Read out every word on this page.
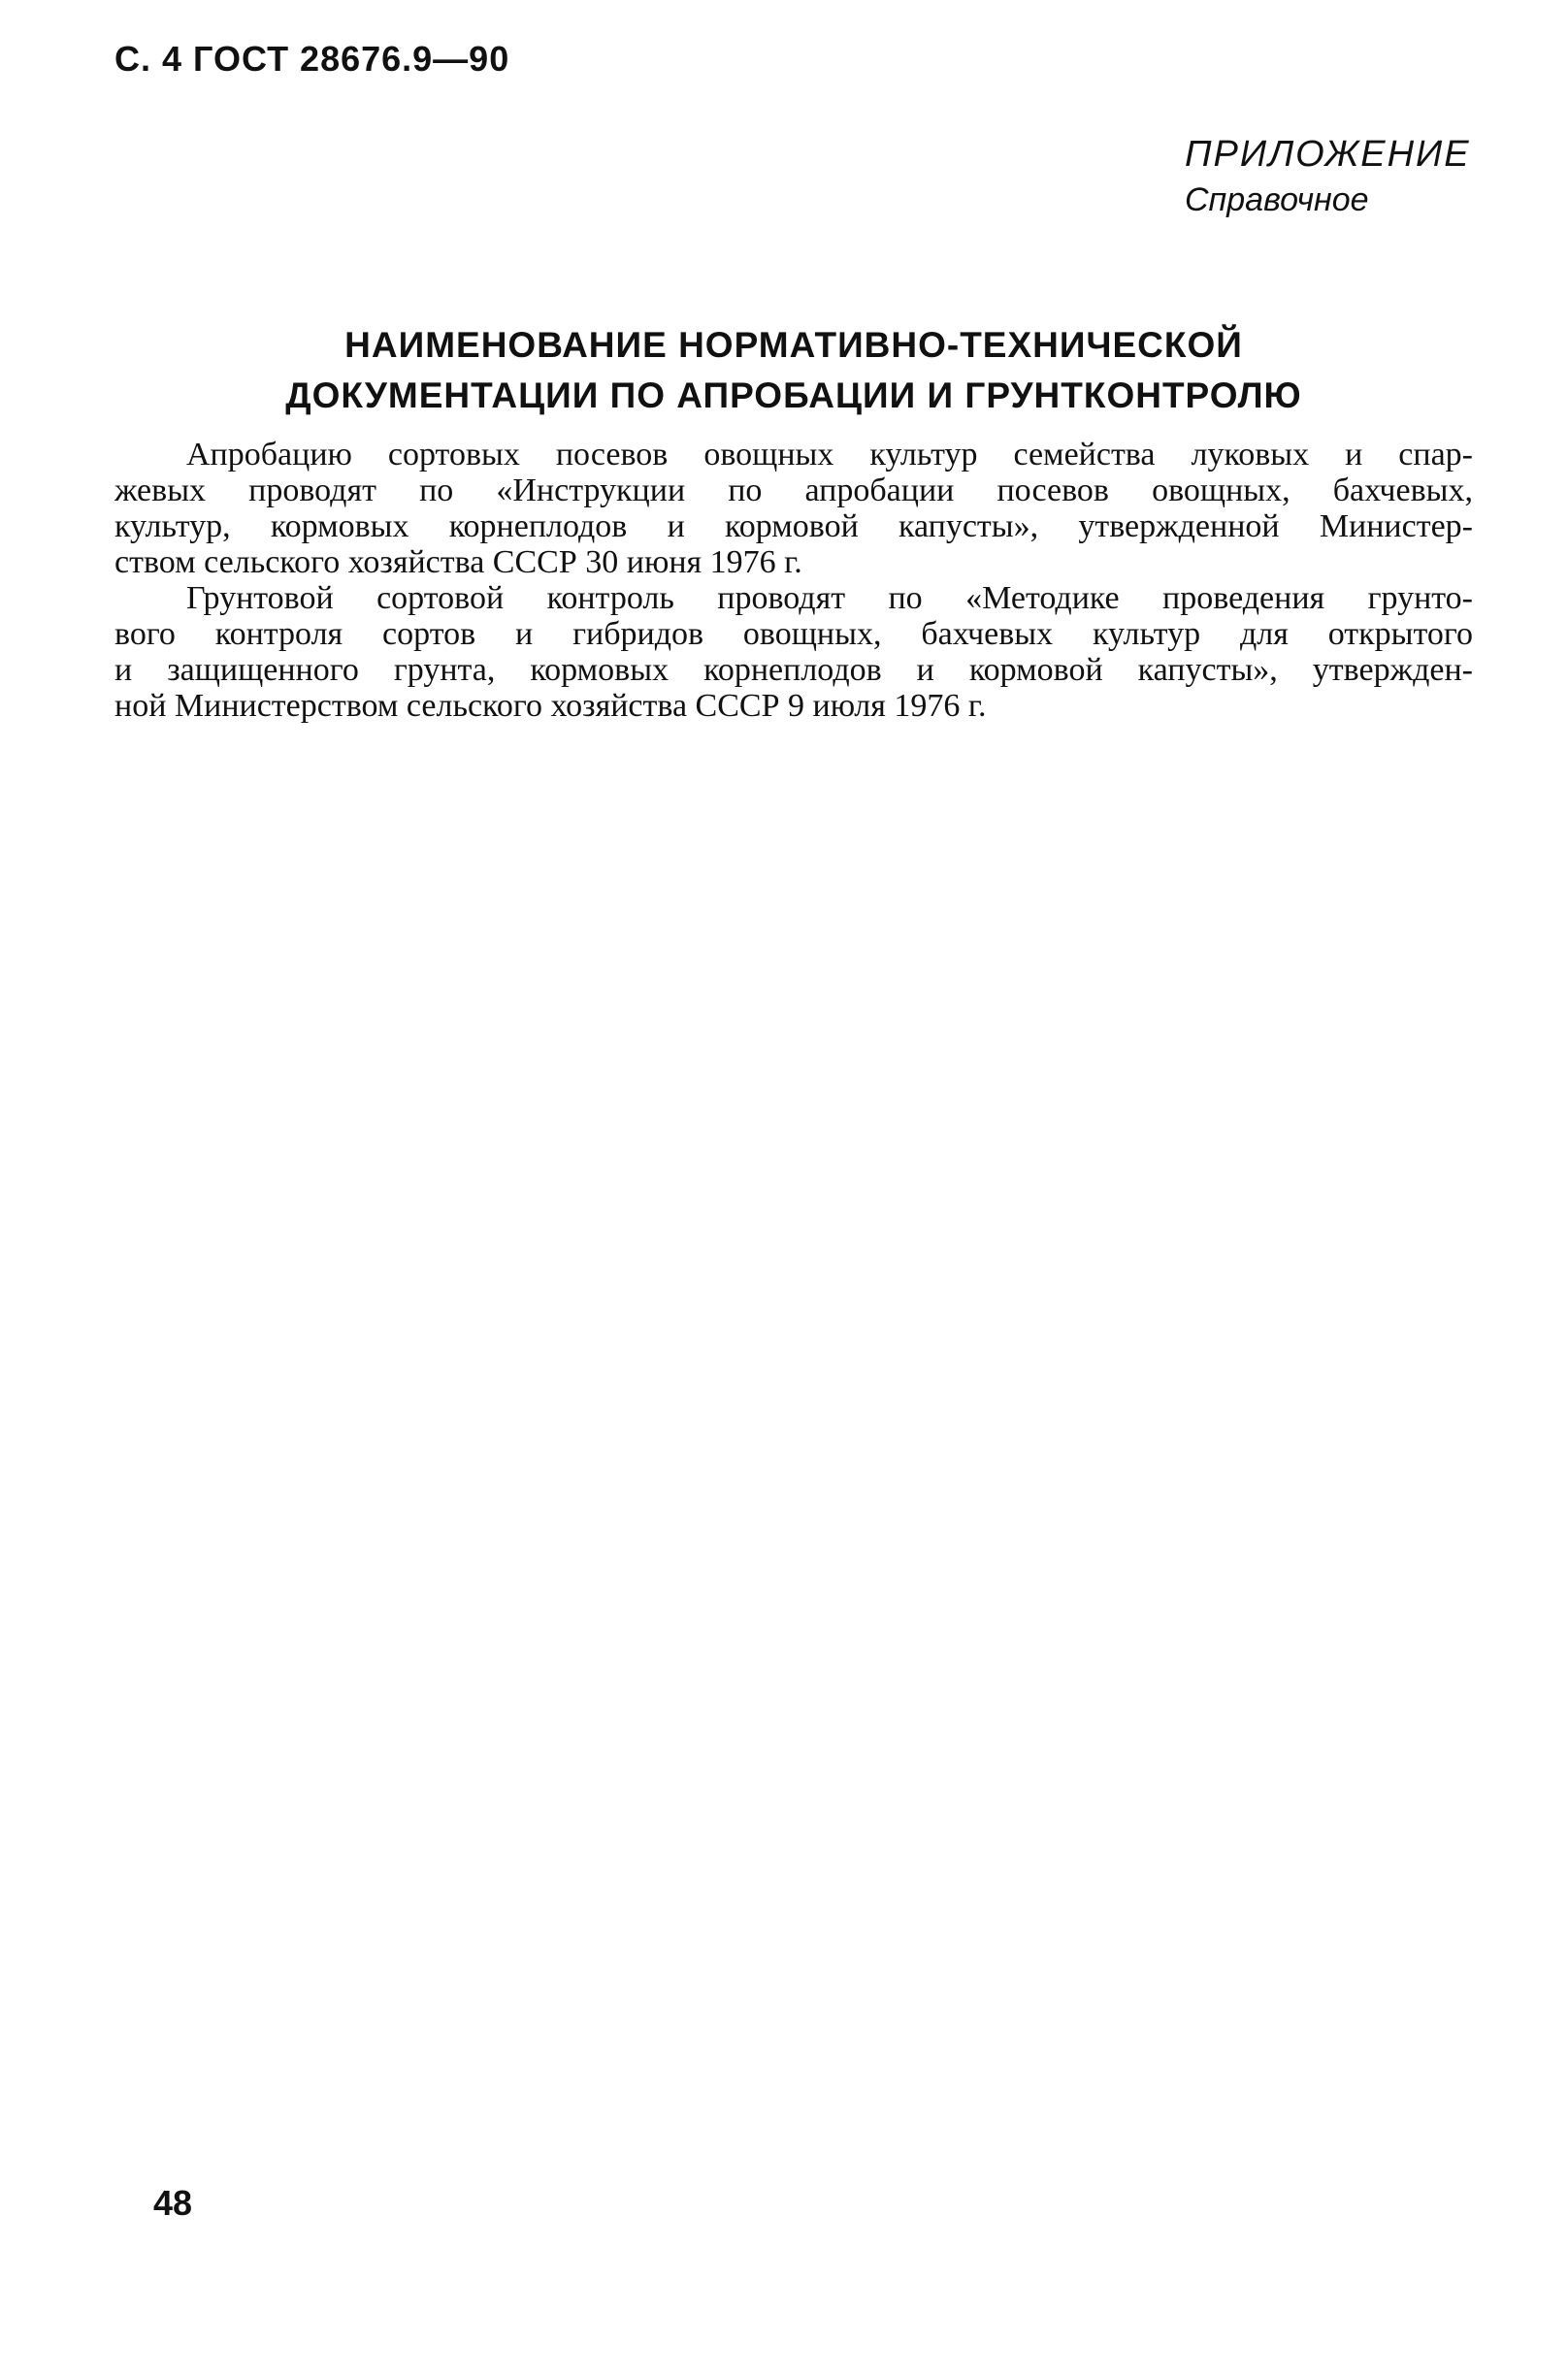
С. 4 ГОСТ 28676.9—90
ПРИЛОЖЕНИЕ
Справочное
НАИМЕНОВАНИЕ НОРМАТИВНО-ТЕХНИЧЕСКОЙ
ДОКУМЕНТАЦИИ ПО АПРОБАЦИИ И ГРУНТКОНТРОЛЮ
Апробацию сортовых посевов овощных культур семейства луковых и спар-
жевых проводят по «Инструкции по апробации посевов овощных, бахчевых,
культур, кормовых корнеплодов и кормовой капусты», утвержденной Министер-
ством сельского хозяйства СССР 30 июня 1976 г.
Грунтовой сортовой контроль проводят по «Методике проведения грунто-
вого контроля сортов и гибридов овощных, бахчевых культур для открытого
и защищенного грунта, кормовых корнеплодов и кормовой капусты», утвержден-
ной Министерством сельского хозяйства СССР 9 июля 1976 г.
48
